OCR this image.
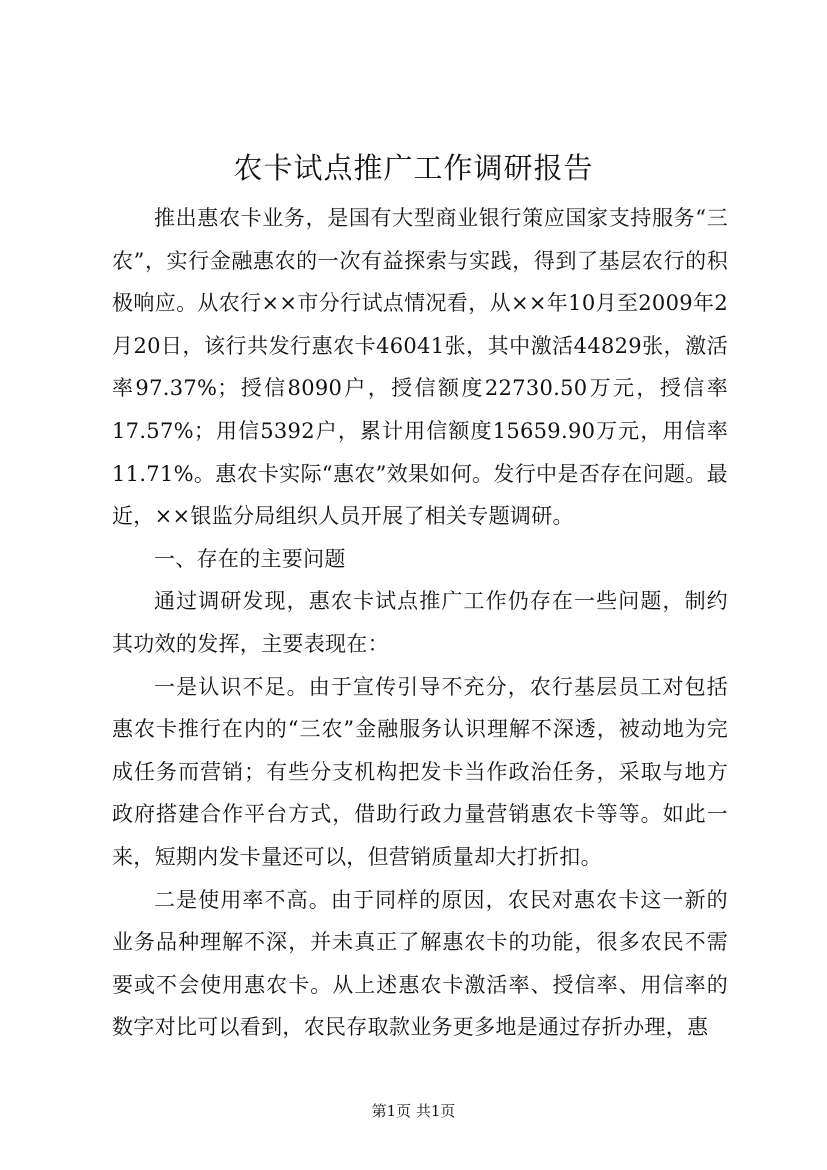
农卡试点推广工作调研报告

推出惠农卡业务，是国有大型商业银行策应国家支持服务“三农”，实行金融惠农的一次有益探索与实践，得到了基层农行的积极响应。从农行××市分行试点情况看，从××年10月至2009年2月20日，该行共发行惠农卡46041张，其中激活44829张，激活率97.37%；授信8090户，授信额度22730.50万元，授信率17.57%；用信5392户，累计用信额度15659.90万元，用信率11.71%。惠农卡实际“惠农”效果如何。发行中是否存在问题。最近，××银监分局组织人员开展了相关专题调研。

一、存在的主要问题

通过调研发现，惠农卡试点推广工作仍存在一些问题，制约其功效的发挥，主要表现在：

一是认识不足。由于宣传引导不充分，农行基层员工对包括惠农卡推行在内的“三农”金融服务认识理解不深透，被动地为完成任务而营销；有些分支机构把发卡当作政治任务，采取与地方政府搭建合作平台方式，借助行政力量营销惠农卡等等。如此一来，短期内发卡量还可以，但营销质量却大打折扣。

二是使用率不高。由于同样的原因，农民对惠农卡这一新的业务品种理解不深，并未真正了解惠农卡的功能，很多农民不需要或不会使用惠农卡。从上述惠农卡激活率、授信率、用信率的数字对比可以看到，农民存取款业务更多地是通过存折办理，惠

第1页 共1页
